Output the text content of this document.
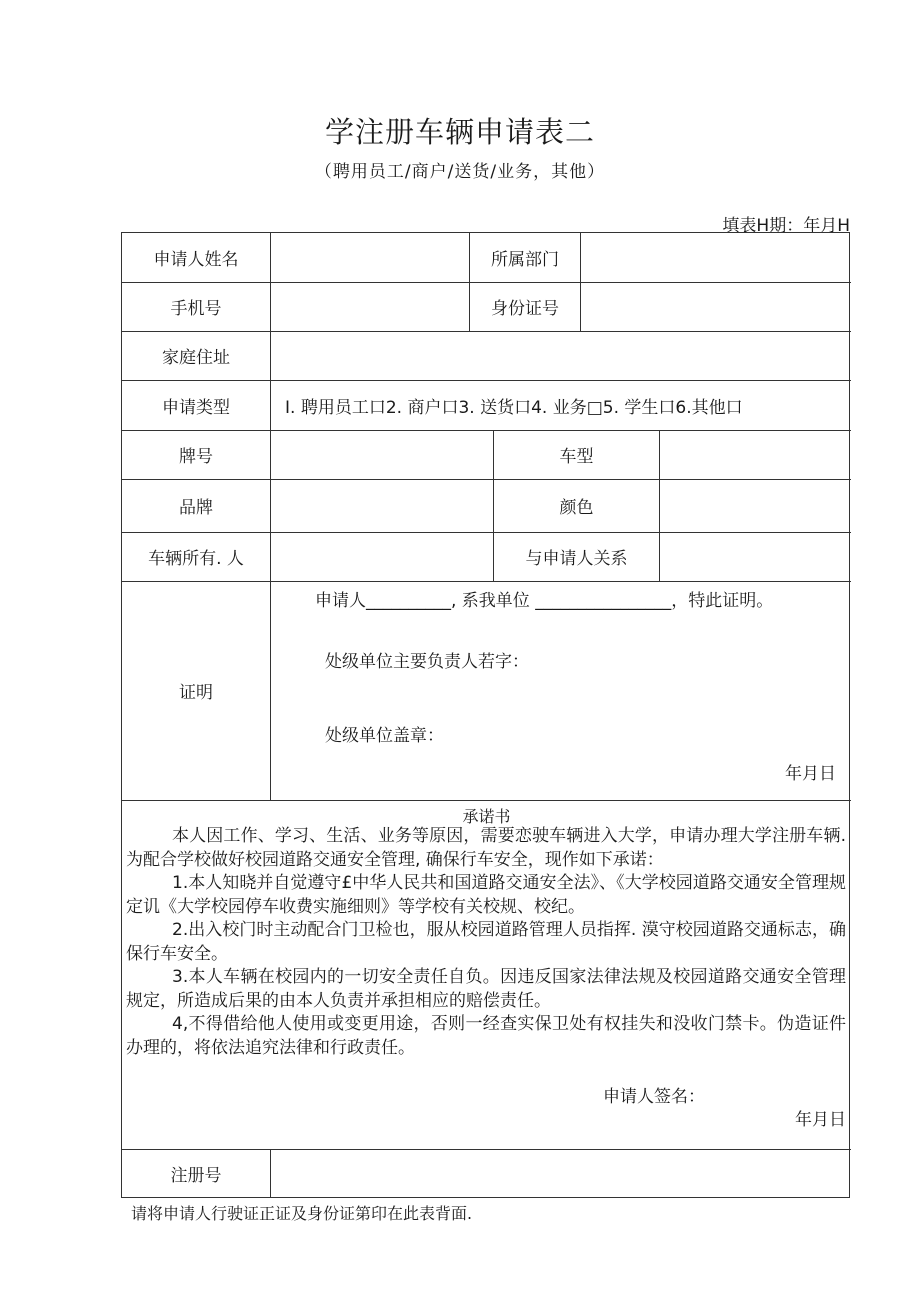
学注册车辆申请表二
（聘用员工/商户/送货/业务，其他）
填表H期：年月H
申请人姓名	所属部门
手机号	身份证号
家庭住址
申请类型	I. 聘用员工口2. 商户口3. 送货口4. 业务□5. 学生口6.其他口
牌号	车型
品牌	颜色
车辆所有. 人	与申请人关系
证明
申请人__________, 系我单位 ________________，特此证明。
处级单位主要负责人若字：
处级单位盖章：
年月日
承诺书

本人因工作、学习、生活、业务等原因，需要恋驶车辆进入大学，申请办理大学注册车辆. 为配合学校做好校园道路交通安全管理, 确保行车安全，现作如下承诺：

1.本人知晓并自觉遵守£中华人民共和国道路交通安全法》、《大学校园道路交通安全管理规定讥《大学校园停车收费实施细则》等学校有关校规、校纪。

2.出入校门时主动配合门卫检也，服从校园道路管理人员指挥. 漠守校园道路交通标志，确保行车安全。

3.本人车辆在校园内的一切安全责任自负。因违反国家法律法规及校园道路交通安全管理规定，所造成后果的由本人负责并承担相应的赔偿责任。

4,不得借给他人使用或变更用途，否则一经查实保卫处有权挂失和没收门禁卡。伪造证件办理的，将依法追究法律和行政责任。

申请人签名：
年月日
注册号
请将申请人行驶证正证及身份证第印在此表背面.
